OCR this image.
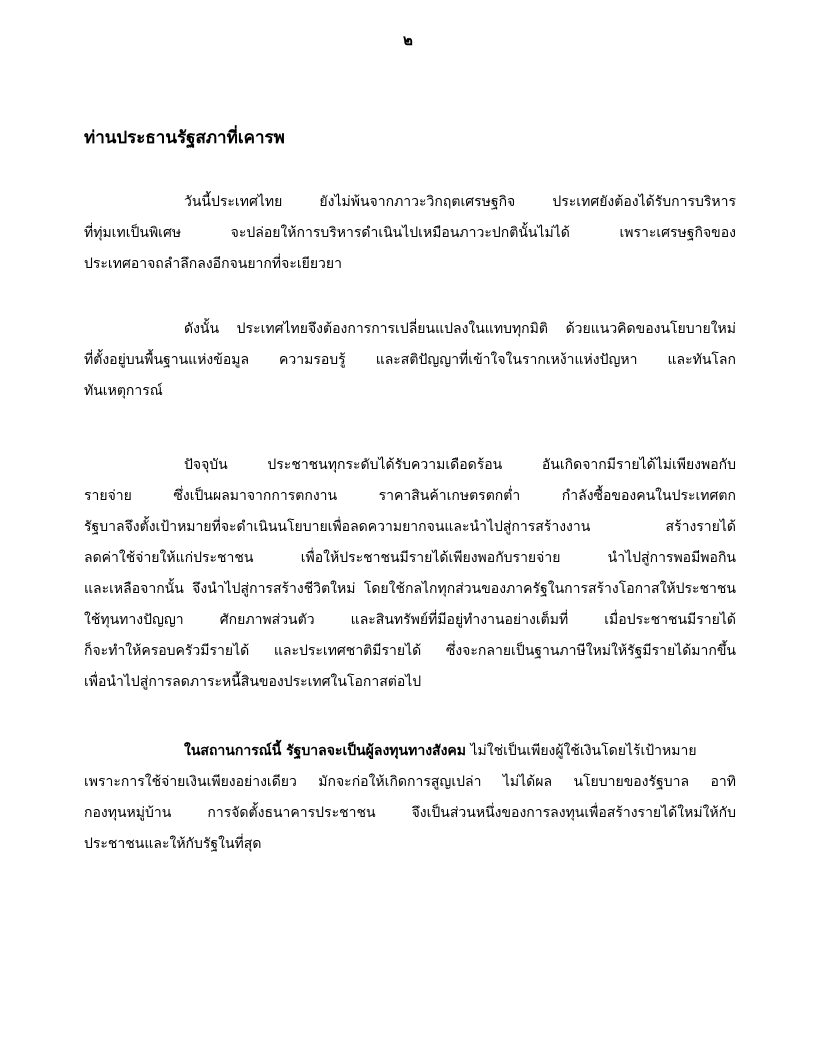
๒
ท่านประธานรัฐสภาที่เคารพ
วันนี้ประเทศไทย ยังไม่พ้นจากภาวะวิกฤตเศรษฐกิจ ประเทศยังต้องได้รับการบริหาร
ที่ทุ่มเทเป็นพิเศษ จะปล่อยให้การบริหารดำเนินไปเหมือนภาวะปกตินั้นไม่ได้ เพราะเศรษฐกิจของ
ประเทศอาจถลำลึกลงอีกจนยากที่จะเยียวยา
ดังนั้น ประเทศไทยจึงต้องการการเปลี่ยนแปลงในแทบทุกมิติ ด้วยแนวคิดของนโยบายใหม่
ที่ตั้งอยู่บนพื้นฐานแห่งข้อมูล ความรอบรู้ และสติปัญญาที่เข้าใจในรากเหง้าแห่งปัญหา และทันโลก
ทันเหตุการณ์
ปัจจุบัน ประชาชนทุกระดับได้รับความเดือดร้อน อันเกิดจากมีรายได้ไม่เพียงพอกับ
รายจ่าย ซึ่งเป็นผลมาจากการตกงาน ราคาสินค้าเกษตรตกต่ำ กำลังซื้อของคนในประเทศตก
รัฐบาลจึงตั้งเป้าหมายที่จะดำเนินนโยบายเพื่อลดความยากจนและนำไปสู่การสร้างงาน สร้างรายได้
ลดค่าใช้จ่ายให้แก่ประชาชน เพื่อให้ประชาชนมีรายได้เพียงพอกับรายจ่าย นำไปสู่การพอมีพอกิน
และเหลือจากนั้น จึงนำไปสู่การสร้างชีวิตใหม่ โดยใช้กลไกทุกส่วนของภาครัฐในการสร้างโอกาสให้ประชาชน
ใช้ทุนทางปัญญา ศักยภาพส่วนตัว และสินทรัพย์ที่มีอยู่ทำงานอย่างเต็มที่ เมื่อประชาชนมีรายได้
ก็จะทำให้ครอบครัวมีรายได้ และประเทศชาติมีรายได้ ซึ่งจะกลายเป็นฐานภาษีใหม่ให้รัฐมีรายได้มากขึ้น
เพื่อนำไปสู่การลดภาระหนี้สินของประเทศในโอกาสต่อไป
ในสถานการณ์นี้ รัฐบาลจะเป็นผู้ลงทุนทางสังคม ไม่ใช่เป็นเพียงผู้ใช้เงินโดยไร้เป้าหมาย
เพราะการใช้จ่ายเงินเพียงอย่างเดียว มักจะก่อให้เกิดการสูญเปล่า ไม่ได้ผล นโยบายของรัฐบาล อาทิ
กองทุนหมู่บ้าน การจัดตั้งธนาคารประชาชน จึงเป็นส่วนหนึ่งของการลงทุนเพื่อสร้างรายได้ใหม่ให้กับ
ประชาชนและให้กับรัฐในที่สุด
